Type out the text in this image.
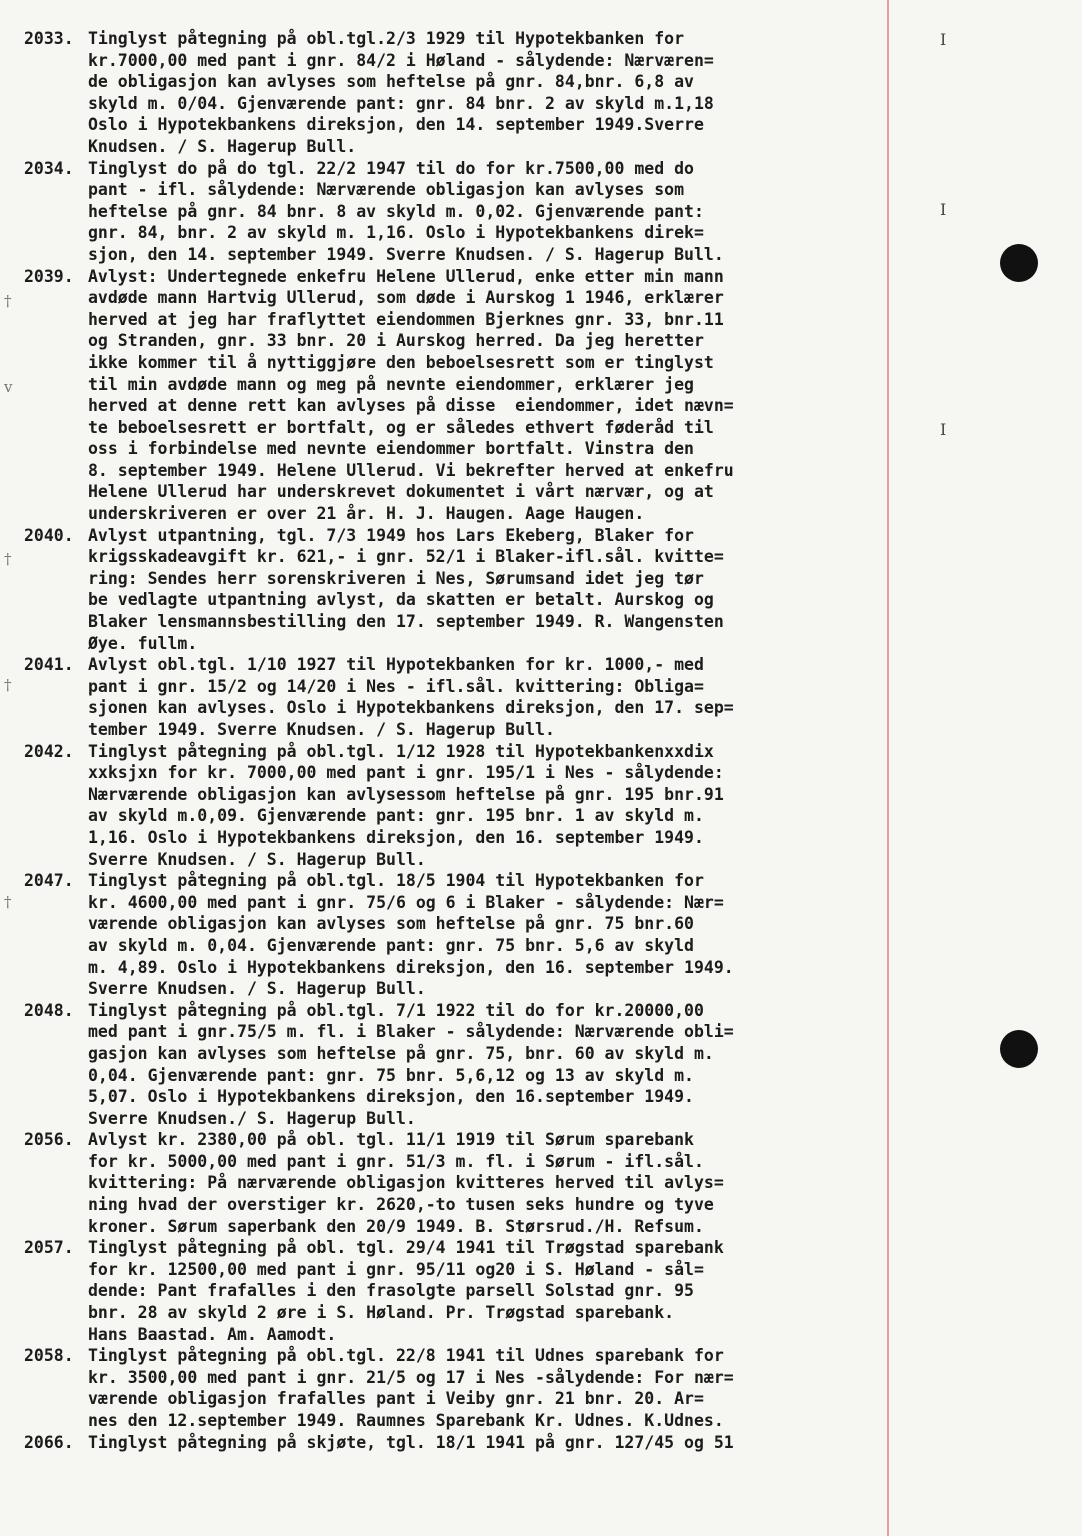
I
I
I
†
v
†
†
†
2033. Tinglyst påtegning på obl.tgl.2/3 1929 til Hypotekbanken for
kr.7000,00 med pant i gnr. 84/2 i Høland - sålydende: Nærværen=
de obligasjon kan avlyses som heftelse på gnr. 84,bnr. 6,8 av
skyld m. 0/04. Gjenværende pant: gnr. 84 bnr. 2 av skyld m.1,18
Oslo i Hypotekbankens direksjon, den 14. september 1949.Sverre
Knudsen. / S. Hagerup Bull.
2034. Tinglyst do på do tgl. 22/2 1947 til do for kr.7500,00 med do
pant - ifl. sålydende: Nærværende obligasjon kan avlyses som
heftelse på gnr. 84 bnr. 8 av skyld m. 0,02. Gjenværende pant:
gnr. 84, bnr. 2 av skyld m. 1,16. Oslo i Hypotekbankens direk=
sjon, den 14. september 1949. Sverre Knudsen. / S. Hagerup Bull.
2039. Avlyst: Undertegnede enkefru Helene Ullerud, enke etter min mann
avdøde mann Hartvig Ullerud, som døde i Aurskog 1 1946, erklærer
herved at jeg har fraflyttet eiendommen Bjerknes gnr. 33, bnr.11
og Stranden, gnr. 33 bnr. 20 i Aurskog herred. Da jeg heretter
ikke kommer til å nyttiggjøre den beboelsesrett som er tinglyst
til min avdøde mann og meg på nevnte eiendommer, erklærer jeg
herved at denne rett kan avlyses på disse  eiendommer, idet nævn=
te beboelsesrett er bortfalt, og er således ethvert føderåd til
oss i forbindelse med nevnte eiendommer bortfalt. Vinstra den
8. september 1949. Helene Ullerud. Vi bekrefter herved at enkefru
Helene Ullerud har underskrevet dokumentet i vårt nærvær, og at
underskriveren er over 21 år. H. J. Haugen. Aage Haugen.
2040. Avlyst utpantning, tgl. 7/3 1949 hos Lars Ekeberg, Blaker for
krigsskadeavgift kr. 621,- i gnr. 52/1 i Blaker-ifl.sål. kvitte=
ring: Sendes herr sorenskriveren i Nes, Sørumsand idet jeg tør
be vedlagte utpantning avlyst, da skatten er betalt. Aurskog og
Blaker lensmannsbestilling den 17. september 1949. R. Wangensten
Øye. fullm.
2041. Avlyst obl.tgl. 1/10 1927 til Hypotekbanken for kr. 1000,- med
pant i gnr. 15/2 og 14/20 i Nes - ifl.sål. kvittering: Obliga=
sjonen kan avlyses. Oslo i Hypotekbankens direksjon, den 17. sep=
tember 1949. Sverre Knudsen. / S. Hagerup Bull.
2042. Tinglyst påtegning på obl.tgl. 1/12 1928 til Hypotekbankenxxdix
xxksjxn for kr. 7000,00 med pant i gnr. 195/1 i Nes - sålydende:
Nærværende obligasjon kan avlysessom heftelse på gnr. 195 bnr.91
av skyld m.0,09. Gjenværende pant: gnr. 195 bnr. 1 av skyld m.
1,16. Oslo i Hypotekbankens direksjon, den 16. september 1949.
Sverre Knudsen. / S. Hagerup Bull.
2047. Tinglyst påtegning på obl.tgl. 18/5 1904 til Hypotekbanken for
kr. 4600,00 med pant i gnr. 75/6 og 6 i Blaker - sålydende: Nær=
værende obligasjon kan avlyses som heftelse på gnr. 75 bnr.60
av skyld m. 0,04. Gjenværende pant: gnr. 75 bnr. 5,6 av skyld
m. 4,89. Oslo i Hypotekbankens direksjon, den 16. september 1949.
Sverre Knudsen. / S. Hagerup Bull.
2048. Tinglyst påtegning på obl.tgl. 7/1 1922 til do for kr.20000,00
med pant i gnr.75/5 m. fl. i Blaker - sålydende: Nærværende obli=
gasjon kan avlyses som heftelse på gnr. 75, bnr. 60 av skyld m.
0,04. Gjenværende pant: gnr. 75 bnr. 5,6,12 og 13 av skyld m.
5,07. Oslo i Hypotekbankens direksjon, den 16.september 1949.
Sverre Knudsen./ S. Hagerup Bull.
2056. Avlyst kr. 2380,00 på obl. tgl. 11/1 1919 til Sørum sparebank
for kr. 5000,00 med pant i gnr. 51/3 m. fl. i Sørum - ifl.sål.
kvittering: På nærværende obligasjon kvitteres herved til avlys=
ning hvad der overstiger kr. 2620,-to tusen seks hundre og tyve
kroner. Sørum saperbank den 20/9 1949. B. Størsrud./H. Refsum.
2057. Tinglyst påtegning på obl. tgl. 29/4 1941 til Trøgstad sparebank
for kr. 12500,00 med pant i gnr. 95/11 og20 i S. Høland - sål=
dende: Pant frafalles i den frasolgte parsell Solstad gnr. 95
bnr. 28 av skyld 2 øre i S. Høland. Pr. Trøgstad sparebank.
Hans Baastad. Am. Aamodt.
2058. Tinglyst påtegning på obl.tgl. 22/8 1941 til Udnes sparebank for
kr. 3500,00 med pant i gnr. 21/5 og 17 i Nes -sålydende: For nær=
værende obligasjon frafalles pant i Veiby gnr. 21 bnr. 20. Ar=
nes den 12.september 1949. Raumnes Sparebank Kr. Udnes. K.Udnes.
2066. Tinglyst påtegning på skjøte, tgl. 18/1 1941 på gnr. 127/45 og 51
